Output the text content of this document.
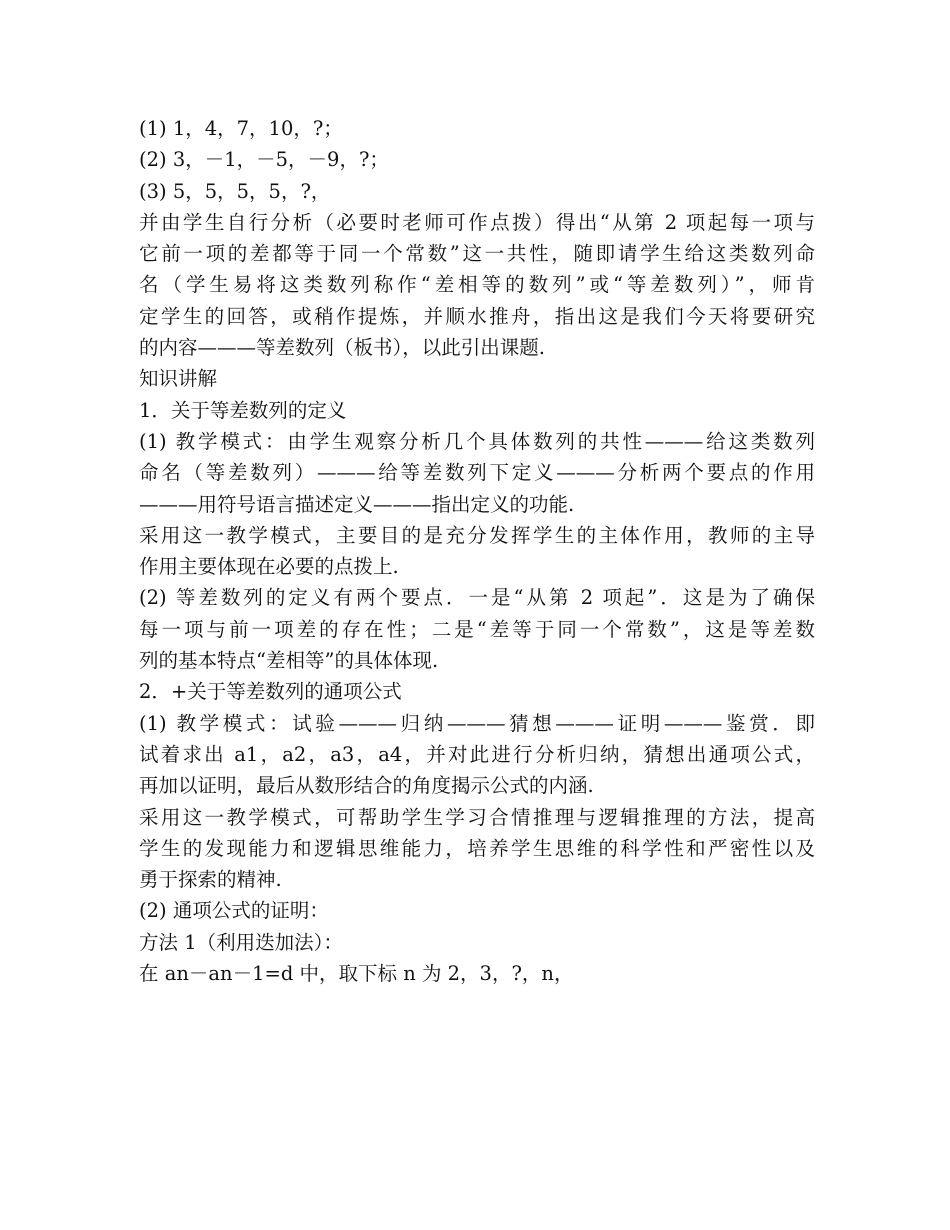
(1) 1，4，7，10，?；
(2) 3，－1，－5，－9，?；
(3) 5，5，5，5，?，
并由学生自行分析（必要时老师可作点拨）得出“从第 2 项起每一项与
它前一项的差都等于同一个常数”这一共性，随即请学生给这类数列命
名（学生易将这类数列称作“差相等的数列”或“等差数列）”，师肯
定学生的回答，或稍作提炼，并顺水推舟，指出这是我们今天将要研究
的内容———等差数列（板书），以此引出课题.
知识讲解
1．关于等差数列的定义
(1) 教学模式：由学生观察分析几个具体数列的共性———给这类数列
命名（等差数列）———给等差数列下定义———分析两个要点的作用
———用符号语言描述定义———指出定义的功能.
采用这一教学模式，主要目的是充分发挥学生的主体作用，教师的主导
作用主要体现在必要的点拨上.
(2) 等差数列的定义有两个要点．一是“从第 2 项起”．这是为了确保
每一项与前一项差的存在性；二是“差等于同一个常数”，这是等差数
列的基本特点“差相等”的具体体现.
2．+关于等差数列的通项公式
(1) 教学模式：试验———归纳———猜想———证明———鉴赏．即
试着求出 a1，a2，a3，a4，并对此进行分析归纳，猜想出通项公式，
再加以证明，最后从数形结合的角度揭示公式的内涵.
采用这一教学模式，可帮助学生学习合情推理与逻辑推理的方法，提高
学生的发现能力和逻辑思维能力，培养学生思维的科学性和严密性以及
勇于探索的精神.
(2) 通项公式的证明：
方法 1（利用迭加法）：
在 an－an－1=d 中，取下标 n 为 2，3，?，n，
